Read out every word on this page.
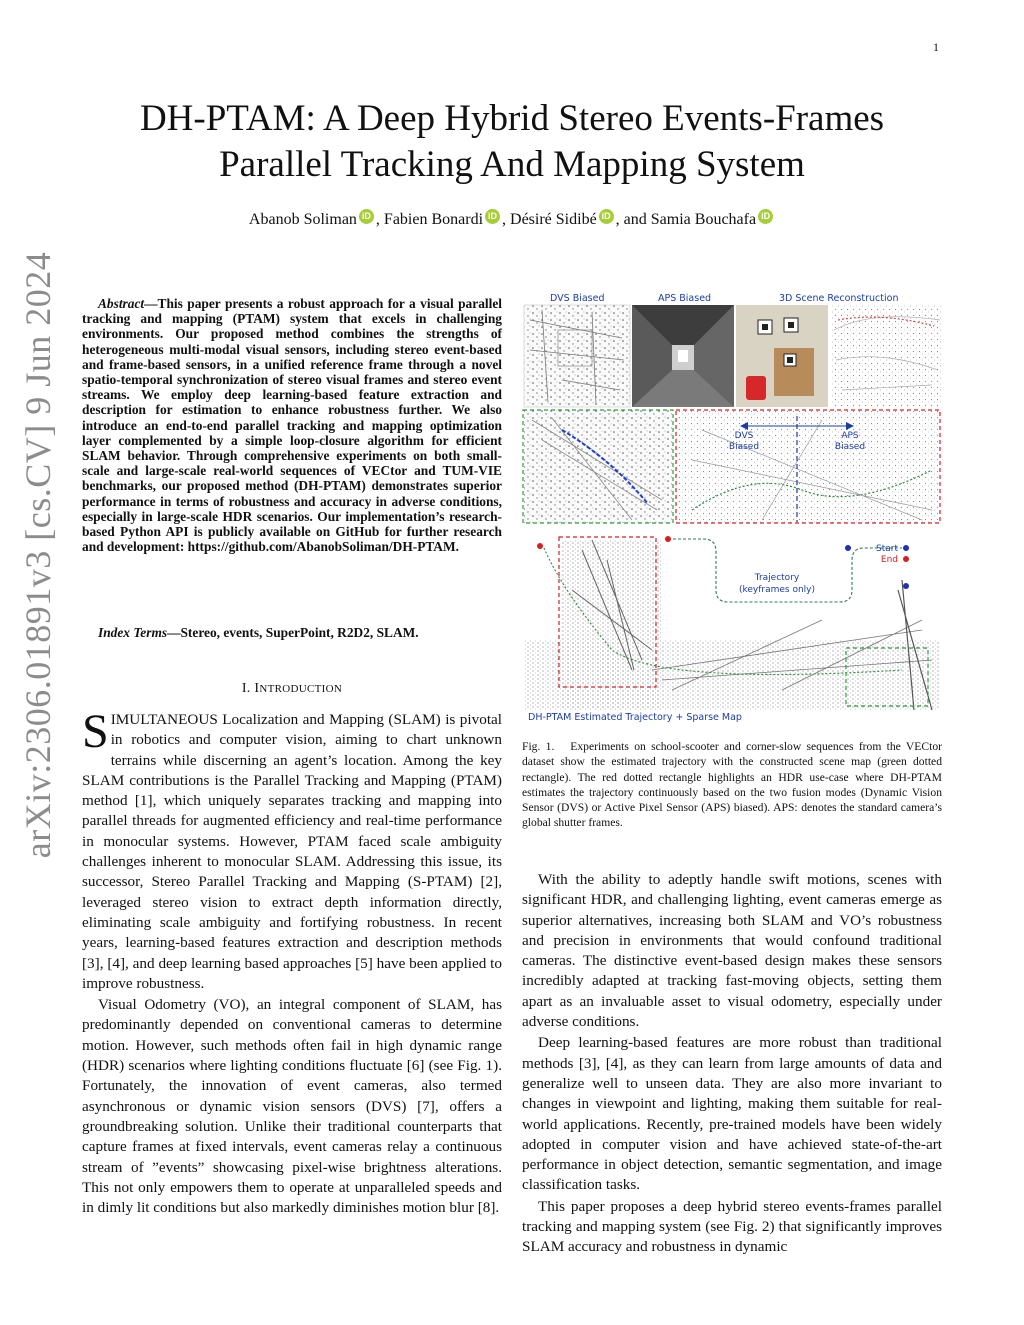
1
DH-PTAM: A Deep Hybrid Stereo Events-Frames
Parallel Tracking And Mapping System
Abanob Soliman iD , Fabien Bonardi iD , Désiré Sidibé iD , and Samia Bouchafa iD
arXiv:2306.01891v3 [cs.CV] 9 Jun 2024	Abstract—This paper presents a robust approach for a visual parallel tracking and mapping (PTAM) system that excels in challenging environments. Our proposed method combines the strengths of heterogeneous multi-modal visual sensors, including stereo event-based and frame-based sensors, in a unified reference frame through a novel spatio-temporal synchronization of stereo visual frames and stereo event streams. We employ deep learning-based feature extraction and description for estimation to enhance robustness further. We also introduce an end-to-end parallel tracking and mapping optimization layer complemented by a simple loop-closure algorithm for efficient SLAM behavior. Through comprehensive experiments on both small-scale and large-scale real-world sequences of VECtor and TUM-VIE benchmarks, our proposed method (DH-PTAM) demonstrates superior performance in terms of robustness and accuracy in adverse conditions, especially in large-scale HDR scenarios. Our implementation’s research-based Python API is publicly available on GitHub for further research and development: https://github.com/AbanobSoliman/DH-PTAM.
Index Terms—Stereo, events, SuperPoint, R2D2, SLAM.
I. INTRODUCTION

SIMULTANEOUS Localization and Mapping (SLAM) is pivotal in robotics and computer vision, aiming to chart unknown terrains while discerning an agent’s location. Among the key SLAM contributions is the Parallel Tracking and Mapping (PTAM) method [1], which uniquely separates tracking and mapping into parallel threads for augmented efficiency and real-time performance in monocular systems. However, PTAM faced scale ambiguity challenges inherent to monocular SLAM. Addressing this issue, its successor, Stereo Parallel Tracking and Mapping (S-PTAM) [2], leveraged stereo vision to extract depth information directly, eliminating scale ambiguity and fortifying robustness. In recent years, learning-based features extraction and description methods [3], [4], and deep learning based approaches [5] have been applied to improve robustness.

Visual Odometry (VO), an integral component of SLAM, has predominantly depended on conventional cameras to determine motion. However, such methods often fail in high dynamic range (HDR) scenarios where lighting conditions fluctuate [6] (see Fig. 1). Fortunately, the innovation of event cameras, also termed asynchronous or dynamic vision sensors (DVS) [7], offers a groundbreaking solution. Unlike their traditional counterparts that capture frames at fixed intervals, event cameras relay a continuous stream of ”events” showcasing pixel-wise brightness alterations. This not only empowers them to operate at unparalleled speeds and in dimly lit conditions but also markedly diminishes motion blur [8].

DVS Biased	APS Biased	3D Scene Reconstruction
DVS
Biased
APS
Biased
Start
End
Trajectory
(keyframes only)
DH-PTAM Estimated Trajectory + Sparse Map
Fig. 1. Experiments on school-scooter and corner-slow sequences from the VECtor dataset show the estimated trajectory with the constructed scene map (green dotted rectangle). The red dotted rectangle highlights an HDR use-case where DH-PTAM estimates the trajectory continuously based on the two fusion modes (Dynamic Vision Sensor (DVS) or Active Pixel Sensor (APS) biased). APS: denotes the standard camera’s global shutter frames.

With the ability to adeptly handle swift motions, scenes with significant HDR, and challenging lighting, event cameras emerge as superior alternatives, increasing both SLAM and VO’s robustness and precision in environments that would confound traditional cameras. The distinctive event-based design makes these sensors incredibly adapted at tracking fast-moving objects, setting them apart as an invaluable asset to visual odometry, especially under adverse conditions.

Deep learning-based features are more robust than traditional methods [3], [4], as they can learn from large amounts of data and generalize well to unseen data. They are also more invariant to changes in viewpoint and lighting, making them suitable for real-world applications. Recently, pre-trained models have been widely adopted in computer vision and have achieved state-of-the-art performance in object detection, semantic segmentation, and image classification tasks.

This paper proposes a deep hybrid stereo events-frames parallel tracking and mapping system (see Fig. 2) that significantly improves SLAM accuracy and robustness in dynamic
